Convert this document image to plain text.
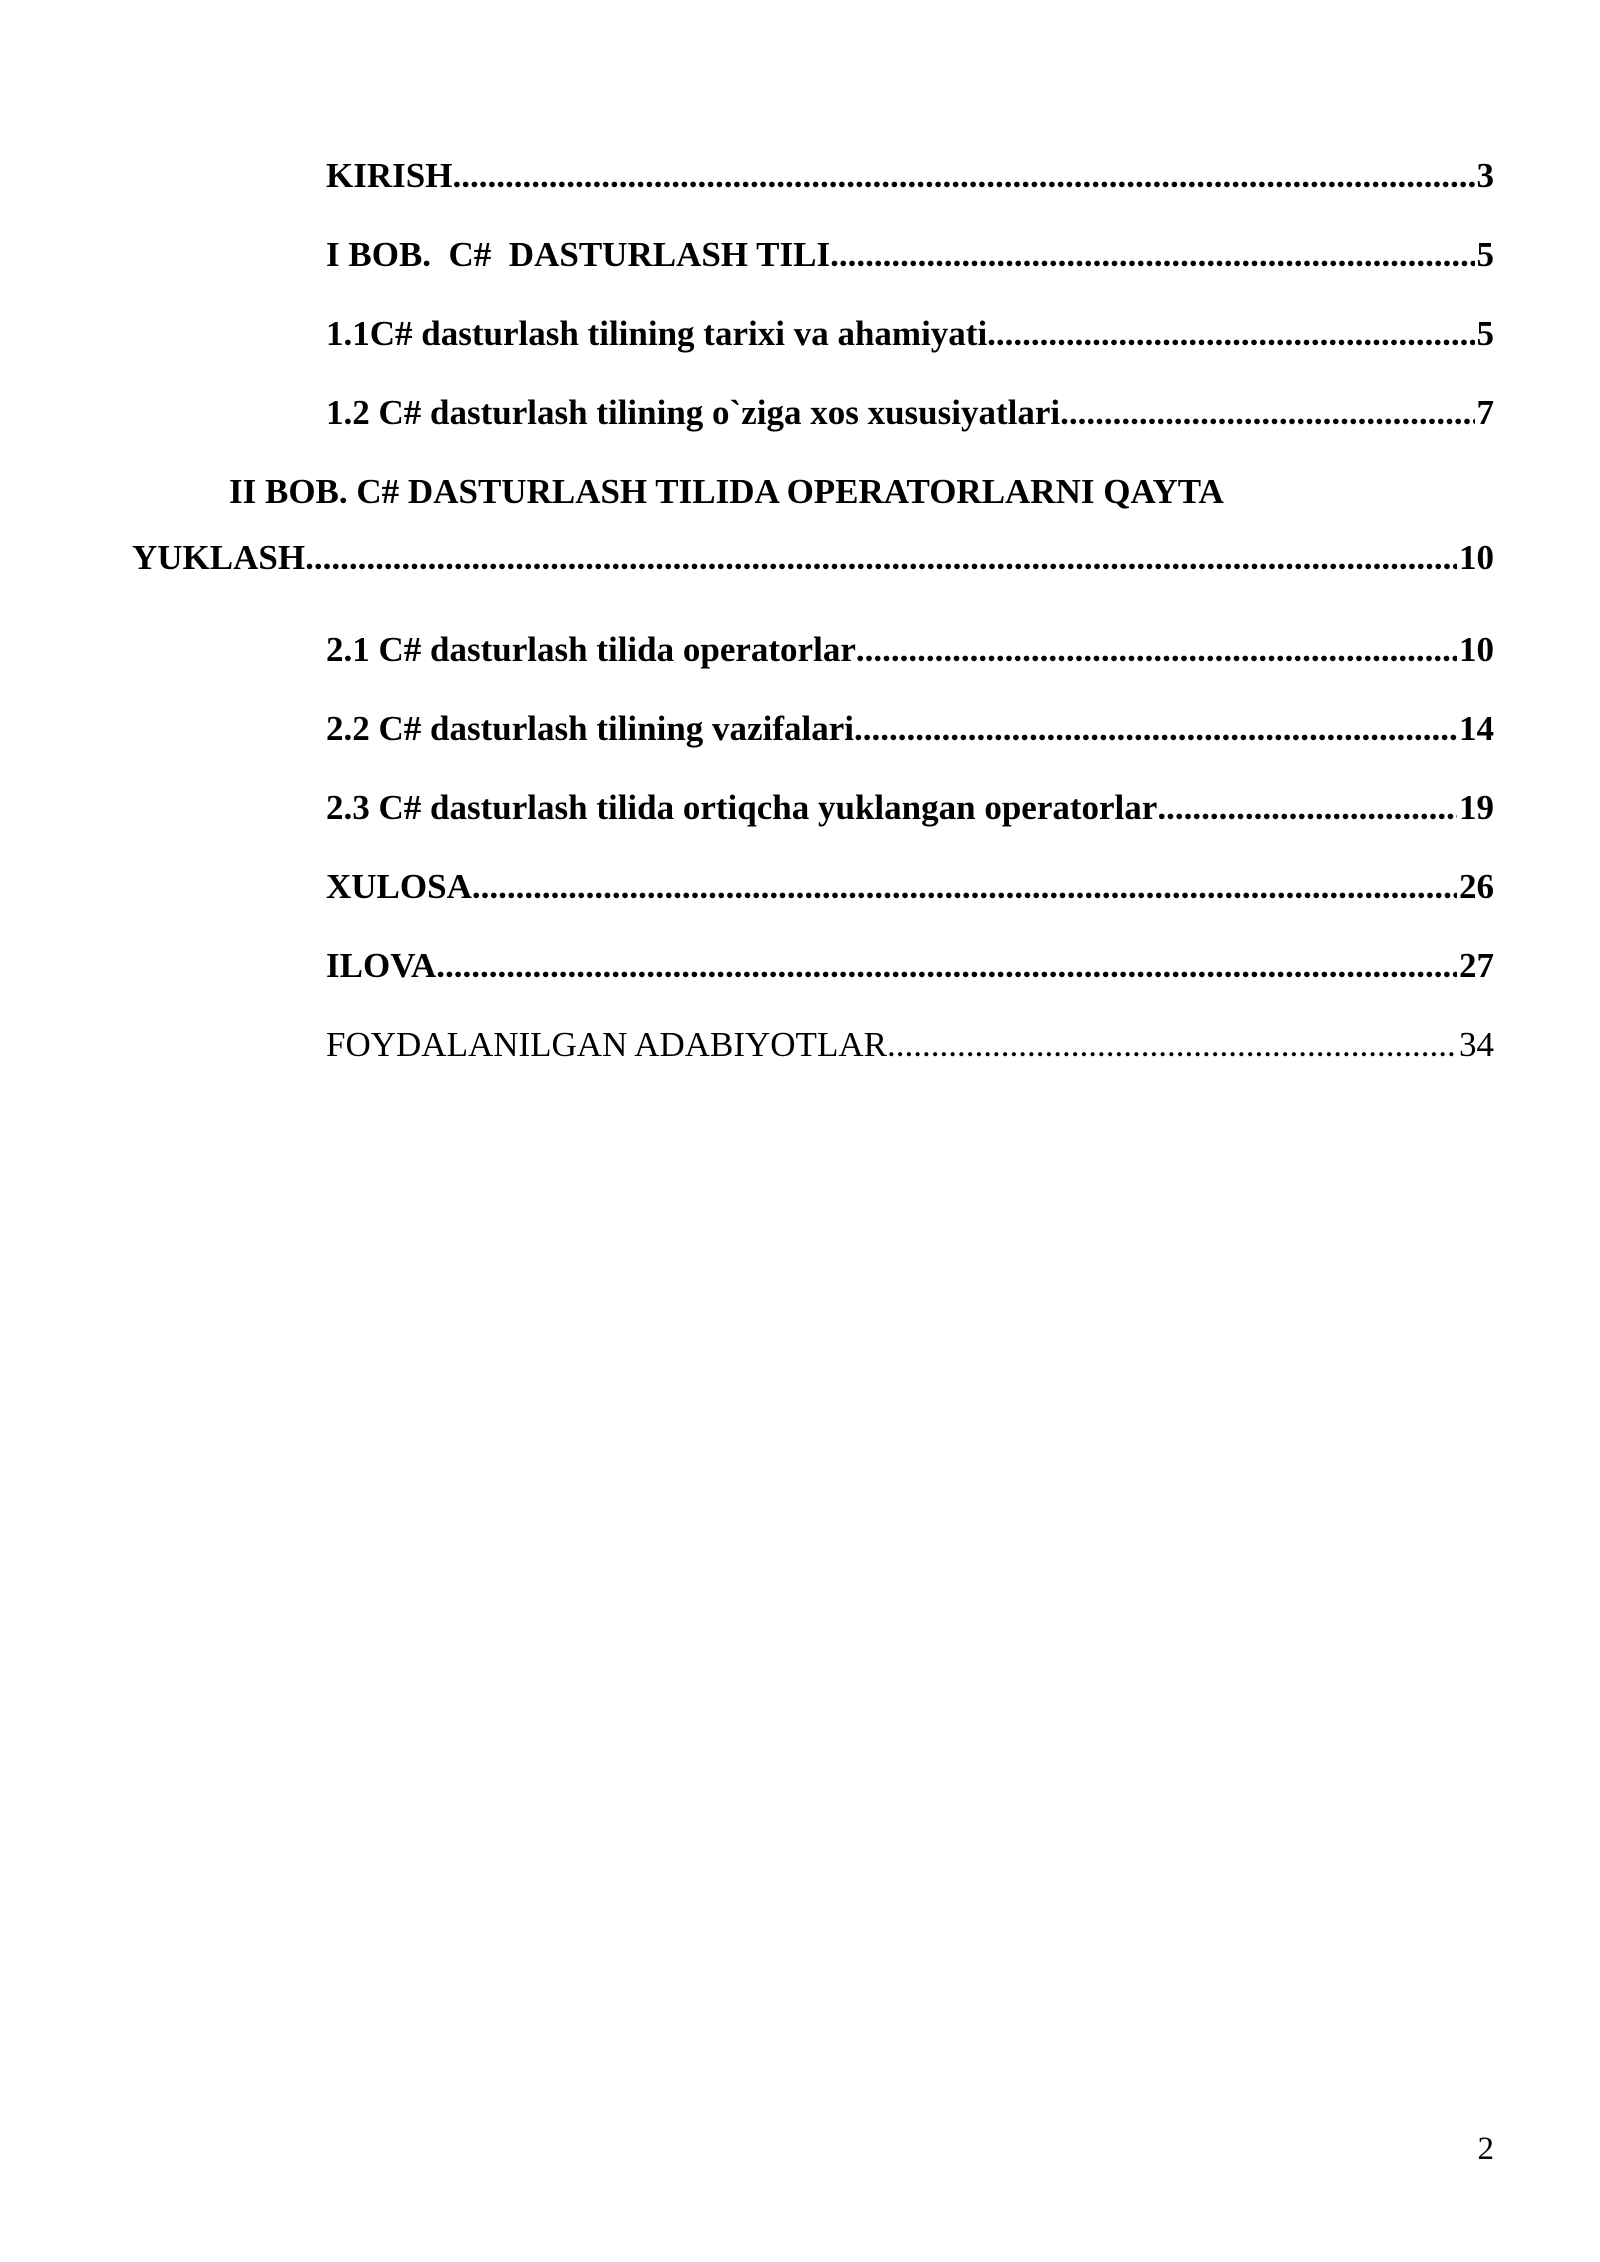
KIRISH .....	3
I BOB.  C#  DASTURLASH TILI .....	5
1.1C# dasturlash tilining tarixi va ahamiyati .....	5
1.2 C# dasturlash tilining o`ziga xos xususiyatlari .....	7
II BOB. C# DASTURLASH TILIDA OPERATORLARNI QAYTA
YUKLASH .....	10
2.1 C# dasturlash tilida operatorlar .....	10
2.2 C# dasturlash tilining vazifalari .....	14
2.3 C# dasturlash tilida ortiqcha yuklangan operatorlar .....	19
XULOSA .....	26
ILOVA .....	27
FOYDALANILGAN ADABIYOTLAR .....	34
2
